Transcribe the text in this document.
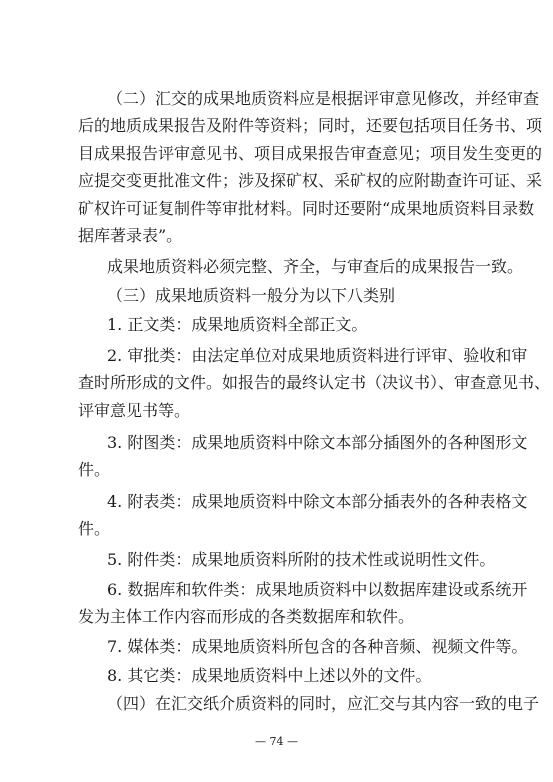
（二）汇交的成果地质资料应是根据评审意见修改，并经审查
后的地质成果报告及附件等资料；同时，还要包括项目任务书、项
目成果报告评审意见书、项目成果报告审查意见；项目发生变更的
应提交变更批准文件；涉及探矿权、采矿权的应附勘查许可证、采
矿权许可证复制件等审批材料。同时还要附“成果地质资料目录数
据库著录表”。
成果地质资料必须完整、齐全，与审查后的成果报告一致。
（三）成果地质资料一般分为以下八类别
1. 正文类：成果地质资料全部正文。
2. 审批类：由法定单位对成果地质资料进行评审、验收和审
查时所形成的文件。如报告的最终认定书（决议书）、审查意见书、
评审意见书等。
3. 附图类：成果地质资料中除文本部分插图外的各种图形文
件。
4. 附表类：成果地质资料中除文本部分插表外的各种表格文
件。
5. 附件类：成果地质资料所附的技术性或说明性文件。
6. 数据库和软件类：成果地质资料中以数据库建设或系统开
发为主体工作内容而形成的各类数据库和软件。
7. 媒体类：成果地质资料所包含的各种音频、视频文件等。
8. 其它类：成果地质资料中上述以外的文件。
（四）在汇交纸介质资料的同时，应汇交与其内容一致的电子
— 74 —
